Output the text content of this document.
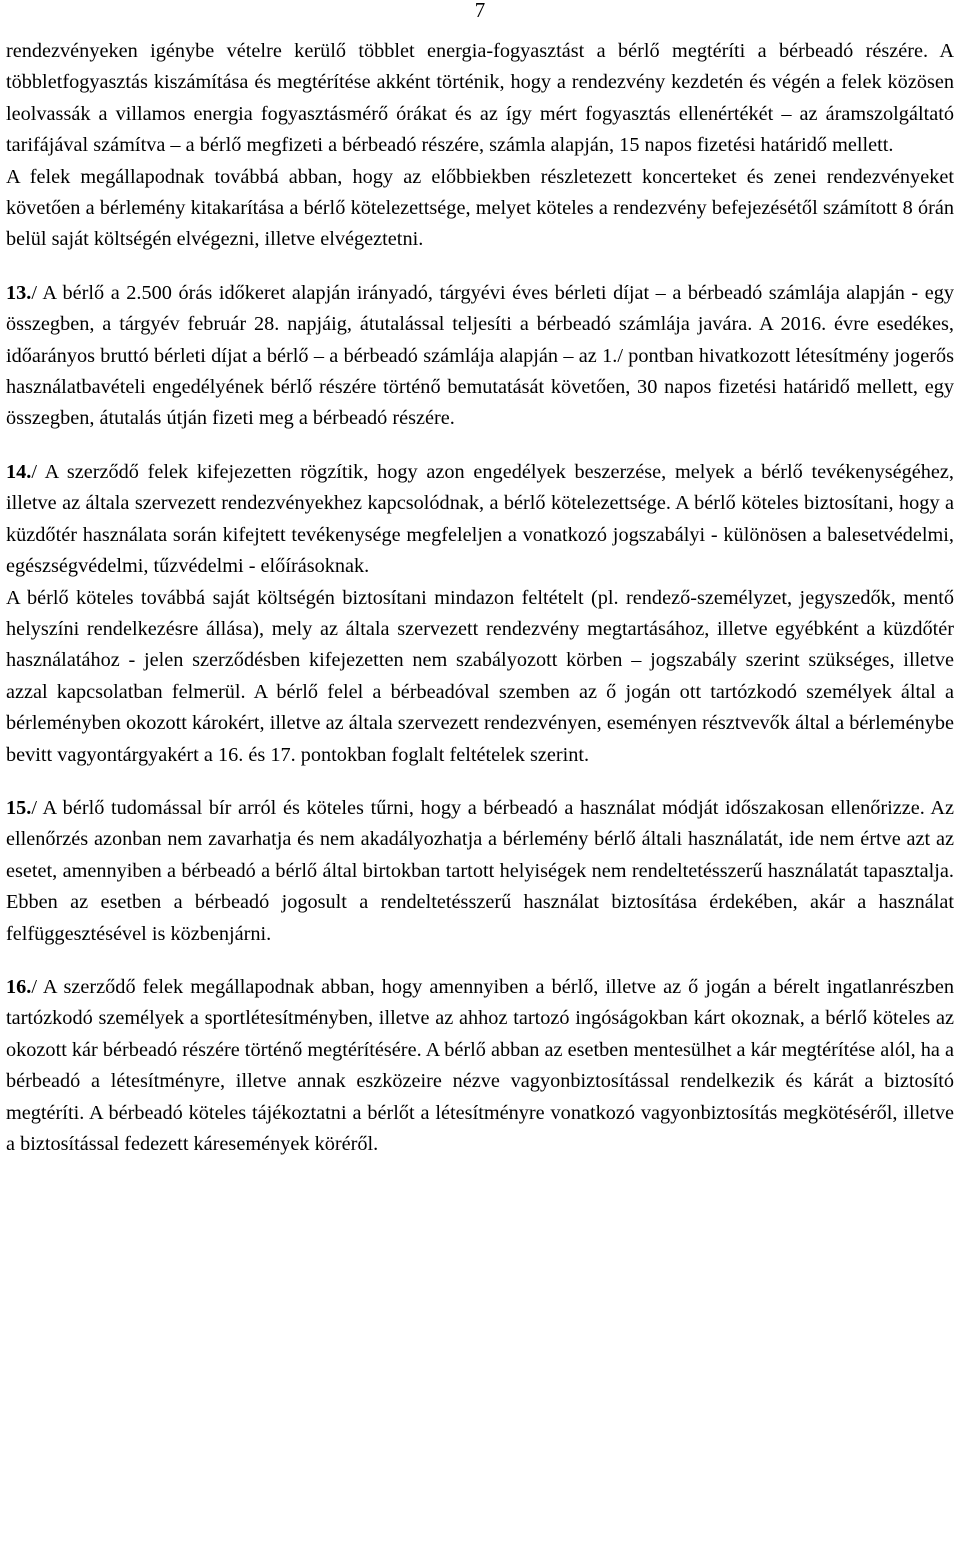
7

rendezvényeken igénybe vételre kerülő többlet energia-fogyasztást a bérlő megtéríti a bérbeadó részére. A többletfogyasztás kiszámítása és megtérítése akként történik, hogy a rendezvény kezdetén és végén a felek közösen leolvassák a villamos energia fogyasztásmérő órákat és az így mért fogyasztás ellenértékét – az áramszolgáltató tarifájával számítva – a bérlő megfizeti a bérbeadó részére, számla alapján, 15 napos fizetési határidő mellett.

A felek megállapodnak továbbá abban, hogy az előbbiekben részletezett koncerteket és zenei rendezvényeket követően a bérlemény kitakarítása a bérlő kötelezettsége, melyet köteles a rendezvény befejezésétől számított 8 órán belül saját költségén elvégezni, illetve elvégeztetni.

13./ A bérlő a 2.500 órás időkeret alapján irányadó, tárgyévi éves bérleti díjat – a bérbeadó számlája alapján - egy összegben, a tárgyév február 28. napjáig, átutalással teljesíti a bérbeadó számlája javára. A 2016. évre esedékes, időarányos bruttó bérleti díjat a bérlő – a bérbeadó számlája alapján – az 1./ pontban hivatkozott létesítmény jogerős használatbavételi engedélyének bérlő részére történő bemutatását követően, 30 napos fizetési határidő mellett, egy összegben, átutalás útján fizeti meg a bérbeadó részére.

14./ A szerződő felek kifejezetten rögzítik, hogy azon engedélyek beszerzése, melyek a bérlő tevékenységéhez, illetve az általa szervezett rendezvényekhez kapcsolódnak, a bérlő kötelezettsége. A bérlő köteles biztosítani, hogy a küzdőtér használata során kifejtett tevékenysége megfeleljen a vonatkozó jogszabályi - különösen a balesetvédelmi, egészségvédelmi, tűzvédelmi - előírásoknak.

A bérlő köteles továbbá saját költségén biztosítani mindazon feltételt (pl. rendező-személyzet, jegyszedők, mentő helyszíni rendelkezésre állása), mely az általa szervezett rendezvény megtartásához, illetve egyébként a küzdőtér használatához - jelen szerződésben kifejezetten nem szabályozott körben – jogszabály szerint szükséges, illetve azzal kapcsolatban felmerül. A bérlő felel a bérbeadóval szemben az ő jogán ott tartózkodó személyek által a bérleményben okozott károkért, illetve az általa szervezett rendezvényen, eseményen résztvevők által a bérleménybe bevitt vagyontárgyakért a 16. és 17. pontokban foglalt feltételek szerint.

15./ A bérlő tudomással bír arról és köteles tűrni, hogy a bérbeadó a használat módját időszakosan ellenőrizze. Az ellenőrzés azonban nem zavarhatja és nem akadályozhatja a bérlemény bérlő általi használatát, ide nem értve azt az esetet, amennyiben a bérbeadó a bérlő által birtokban tartott helyiségek nem rendeltetésszerű használatát tapasztalja. Ebben az esetben a bérbeadó jogosult a rendeltetésszerű használat biztosítása érdekében, akár a használat felfüggesztésével is közbenjárni.

16./ A szerződő felek megállapodnak abban, hogy amennyiben a bérlő, illetve az ő jogán a bérelt ingatlanrészben tartózkodó személyek a sportlétesítményben, illetve az ahhoz tartozó ingóságokban kárt okoznak, a bérlő köteles az okozott kár bérbeadó részére történő megtérítésére. A bérlő abban az esetben mentesülhet a kár megtérítése alól, ha a bérbeadó a létesítményre, illetve annak eszközeire nézve vagyonbiztosítással rendelkezik és kárát a biztosító megtéríti. A bérbeadó köteles tájékoztatni a bérlőt a létesítményre vonatkozó vagyonbiztosítás megkötéséről, illetve a biztosítással fedezett káresemények köréről.
